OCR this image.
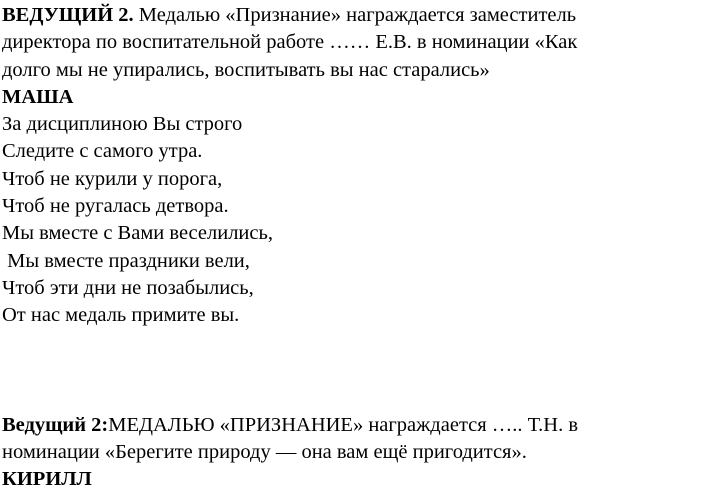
ВЕДУЩИЙ 2. Медалью «Признание» награждается заместитель
директора по воспитательной работе …… Е.В. в номинации «Как
долго мы не упирались, воспитывать вы нас старались»
МАША
За дисциплиною Вы строго
Следите с самого утра.
Чтоб не курили у порога,
Чтоб не ругалась детвора.
Мы вместе с Вами веселились,
Мы вместе праздники вели,
Чтоб эти дни не позабылись,
От нас медаль примите вы.
Ведущий 2:МЕДАЛЬЮ «ПРИЗНАНИЕ» награждается ….. Т.Н. в
номинации «Берегите природу — она вам ещё пригодится».
КИРИЛЛ
